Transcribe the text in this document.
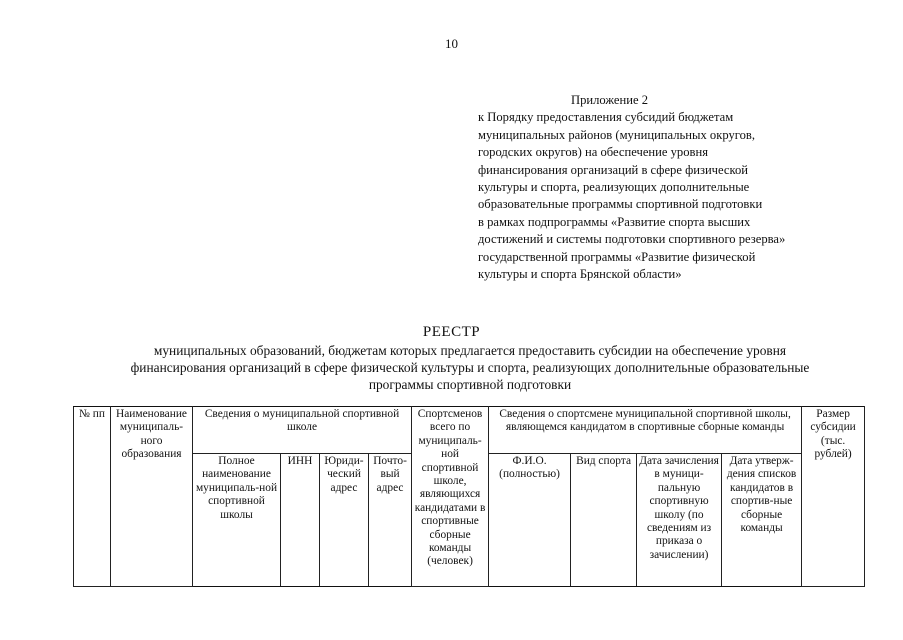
10
Приложение 2
к Порядку предоставления субсидий бюджетам
муниципальных районов (муниципальных округов,
городских округов) на обеспечение уровня
финансирования организаций в сфере физической
культуры и спорта, реализующих дополнительные
образовательные программы спортивной подготовки
в рамках подпрограммы «Развитие спорта высших
достижений и системы подготовки спортивного резерва»
государственной программы «Развитие физической
культуры и спорта Брянской области»
РЕЕСТР
муниципальных образований, бюджетам которых предлагается предоставить субсидии на обеспечение уровня
финансирования организаций в сфере физической культуры и спорта, реализующих дополнительные образовательные
программы спортивной подготовки
№ пп	Наименование муниципаль-ного образования	Сведения о муниципальной спортивной школе				Спортсменов всего по муниципаль-ной спортивной школе, являющихся кандидатами в спортивные сборные команды (человек)	Сведения о спортсмене муниципальной спортивной школы, являющемся кандидатом в спортивные сборные команды				Размер субсидии (тыс. рублей)
		Полное наименование муниципаль-ной спортивной школы	ИНН	Юриди-ческий адрес	Почто-вый адрес		Ф.И.О. (полностью)	Вид спорта	Дата зачисления в муници-пальную спортивную школу (по сведениям из приказа о зачислении)	Дата утверж-дения списков кандидатов в спортив-ные сборные команды	
